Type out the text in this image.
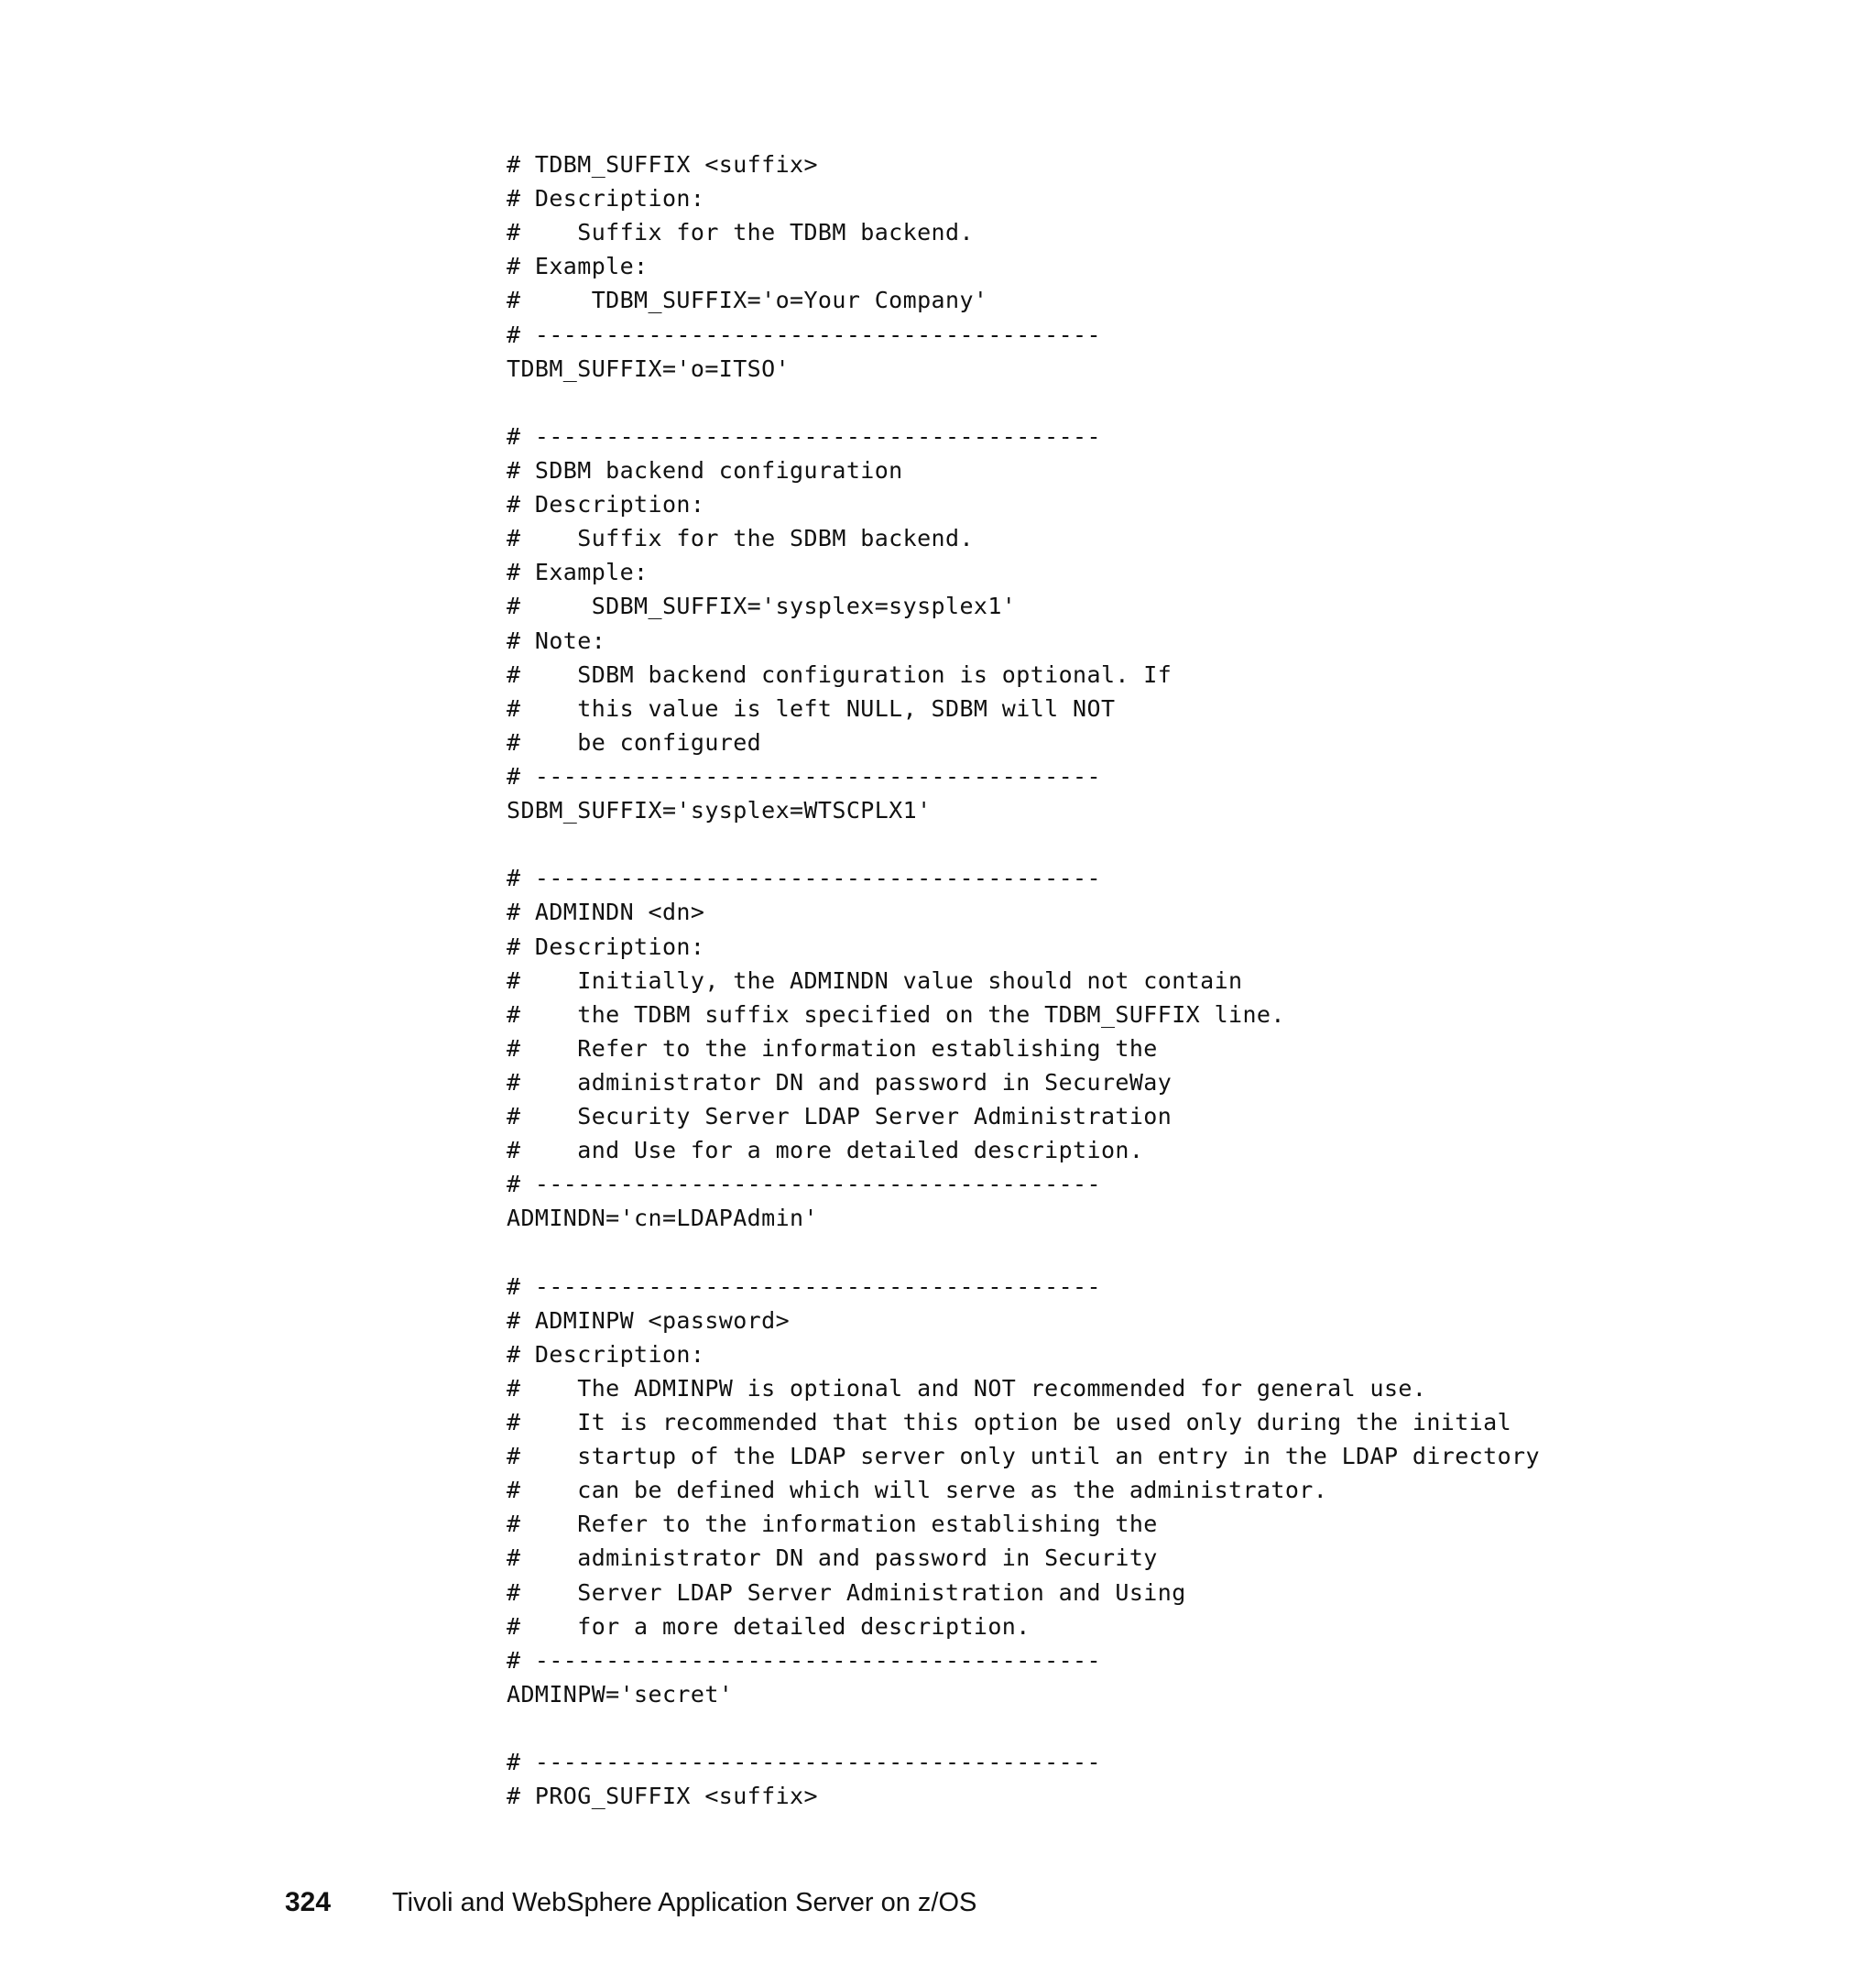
# TDBM_SUFFIX <suffix>
# Description:
#    Suffix for the TDBM backend.
# Example:
#     TDBM_SUFFIX='o=Your Company'
# ----------------------------------------
TDBM_SUFFIX='o=ITSO'
# ----------------------------------------
# SDBM backend configuration
# Description:
#    Suffix for the SDBM backend.
# Example:
#     SDBM_SUFFIX='sysplex=sysplex1'
# Note:
#    SDBM backend configuration is optional. If
#    this value is left NULL, SDBM will NOT
#    be configured
# ----------------------------------------
SDBM_SUFFIX='sysplex=WTSCPLX1'
# ----------------------------------------
# ADMINDN <dn>
# Description:
#    Initially, the ADMINDN value should not contain
#    the TDBM suffix specified on the TDBM_SUFFIX line.
#    Refer to the information establishing the
#    administrator DN and password in SecureWay
#    Security Server LDAP Server Administration
#    and Use for a more detailed description.
# ----------------------------------------
ADMINDN='cn=LDAPAdmin'
# ----------------------------------------
# ADMINPW <password>
# Description:
#    The ADMINPW is optional and NOT recommended for general use.
#    It is recommended that this option be used only during the initial
#    startup of the LDAP server only until an entry in the LDAP directory
#    can be defined which will serve as the administrator.
#    Refer to the information establishing the
#    administrator DN and password in Security
#    Server LDAP Server Administration and Using
#    for a more detailed description.
# ----------------------------------------
ADMINPW='secret'
# ----------------------------------------
# PROG_SUFFIX <suffix>
324	Tivoli and WebSphere Application Server on z/OS
